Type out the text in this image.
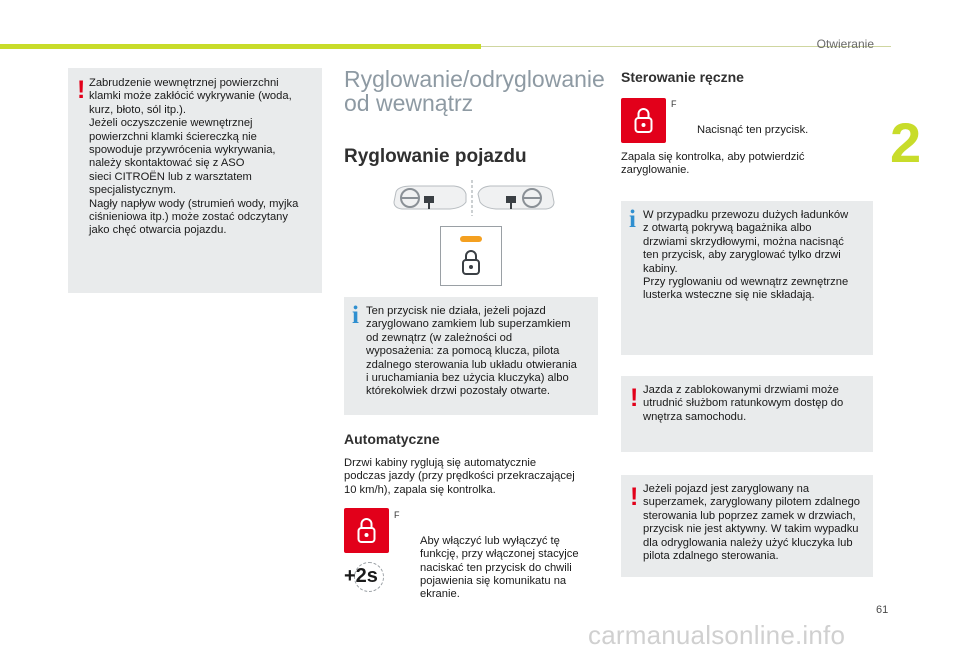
Otwieranie
2
61
carmanualsonline.info
! Zabrudzenie wewnętrznej powierzchni
klamki może zakłócić wykrywanie (woda,
kurz, błoto, sól itp.).
Jeżeli oczyszczenie wewnętrznej
powierzchni klamki ściereczką nie
spowoduje przywrócenia wykrywania,
należy skontaktować się z ASO
sieci CITROËN lub z warsztatem
specjalistycznym.
Nagły napływ wody (strumień wody, myjka
ciśnieniowa itp.) może zostać odczytany
jako chęć otwarcia pojazdu.
Ryglowanie/odryglowanie
od wewnątrz
Ryglowanie pojazdu
i Ten przycisk nie działa, jeżeli pojazd
zaryglowano zamkiem lub superzamkiem
od zewnątrz (w zależności od
wyposażenia: za pomocą klucza, pilota
zdalnego sterowania lub układu otwierania
i uruchamiania bez użycia kluczyka) albo
którekolwiek drzwi pozostały otwarte.
Automatyczne
Drzwi kabiny ryglują się automatycznie
podczas jazdy (przy prędkości przekraczającej
10 km/h), zapala się kontrolka.
+2s

F

Aby włączyć lub wyłączyć tę
funkcję, przy włączonej stacyjce
naciskać ten przycisk do chwili
pojawienia się komunikatu na
ekranie.

Sterowanie ręczne

F

Nacisnąć ten przycisk.

Zapala się kontrolka, aby potwierdzić
zaryglowanie.
i W przypadku przewozu dużych ładunków
z otwartą pokrywą bagażnika albo
drzwiami skrzydłowymi, można nacisnąć
ten przycisk, aby zaryglować tylko drzwi
kabiny.
Przy ryglowaniu od wewnątrz zewnętrzne
lusterka wsteczne się nie składają.
! Jazda z zablokowanymi drzwiami może
utrudnić służbom ratunkowym dostęp do
wnętrza samochodu.
! Jeżeli pojazd jest zaryglowany na
superzamek, zaryglowany pilotem zdalnego
sterowania lub poprzez zamek w drzwiach,
przycisk nie jest aktywny. W takim wypadku
dla odryglowania należy użyć kluczyka lub
pilota zdalnego sterowania.
